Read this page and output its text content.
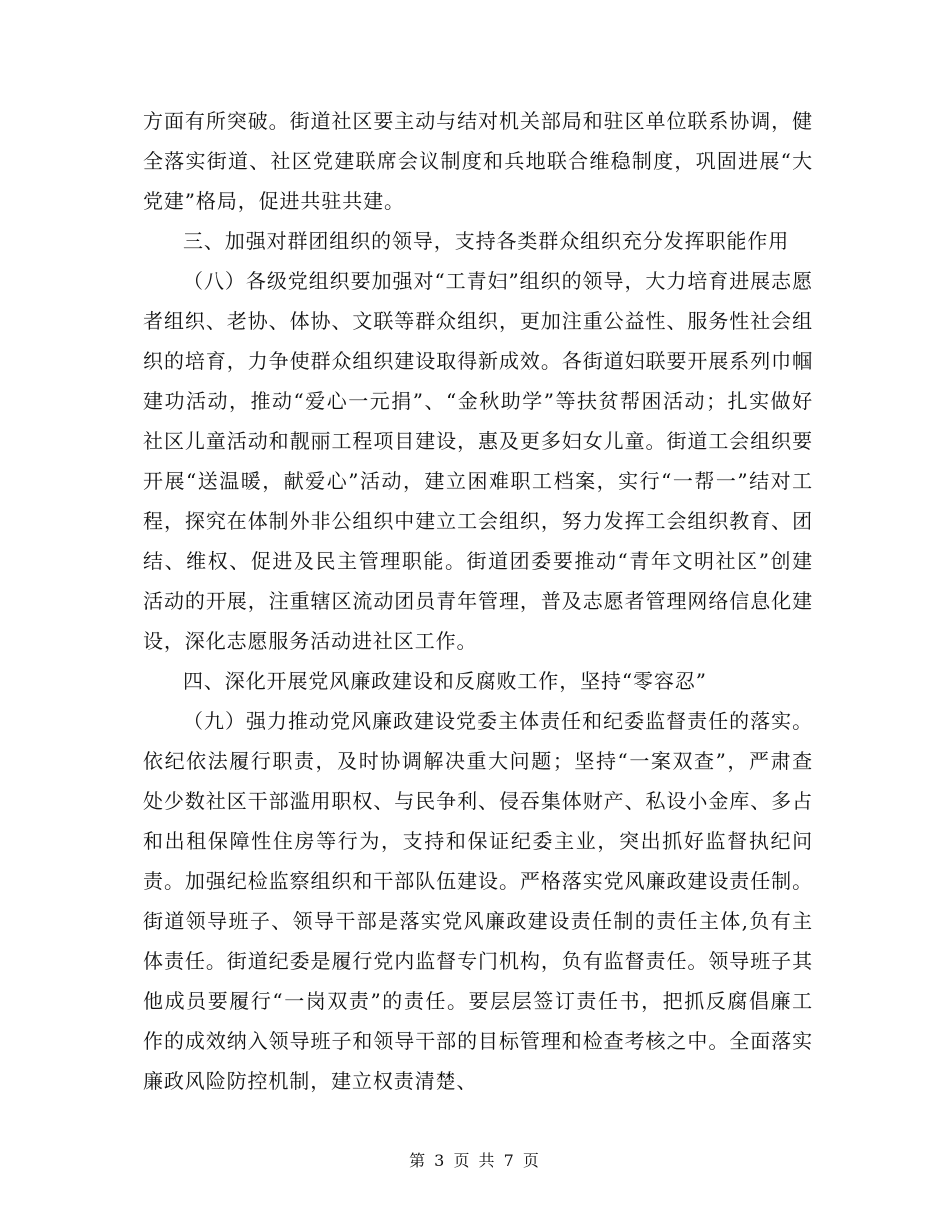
方面有所突破。街道社区要主动与结对机关部局和驻区单位联系协调，健全落实街道、社区党建联席会议制度和兵地联合维稳制度，巩固进展“大党建”格局，促进共驻共建。

三、加强对群团组织的领导，支持各类群众组织充分发挥职能作用

（八）各级党组织要加强对“工青妇”组织的领导，大力培育进展志愿者组织、老协、体协、文联等群众组织，更加注重公益性、服务性社会组织的培育，力争使群众组织建设取得新成效。各街道妇联要开展系列巾帼建功活动，推动“爱心一元捐”、“金秋助学”等扶贫帮困活动；扎实做好社区儿童活动和靓丽工程项目建设，惠及更多妇女儿童。街道工会组织要开展“送温暖，献爱心”活动，建立困难职工档案，实行“一帮一”结对工程，探究在体制外非公组织中建立工会组织，努力发挥工会组织教育、团结、维权、促进及民主管理职能。街道团委要推动“青年文明社区”创建活动的开展，注重辖区流动团员青年管理，普及志愿者管理网络信息化建设，深化志愿服务活动进社区工作。

四、深化开展党风廉政建设和反腐败工作，坚持“零容忍”

（九）强力推动党风廉政建设党委主体责任和纪委监督责任的落实。依纪依法履行职责，及时协调解决重大问题；坚持“一案双查”，严肃查处少数社区干部滥用职权、与民争利、侵吞集体财产、私设小金库、多占和出租保障性住房等行为，支持和保证纪委主业，突出抓好监督执纪问责。加强纪检监察组织和干部队伍建设。严格落实党风廉政建设责任制。街道领导班子、领导干部是落实党风廉政建设责任制的责任主体,负有主体责任。街道纪委是履行党内监督专门机构，负有监督责任。领导班子其他成员要履行“一岗双责”的责任。要层层签订责任书，把抓反腐倡廉工作的成效纳入领导班子和领导干部的目标管理和检查考核之中。全面落实廉政风险防控机制，建立权责清楚、

第 3 页 共 7 页
